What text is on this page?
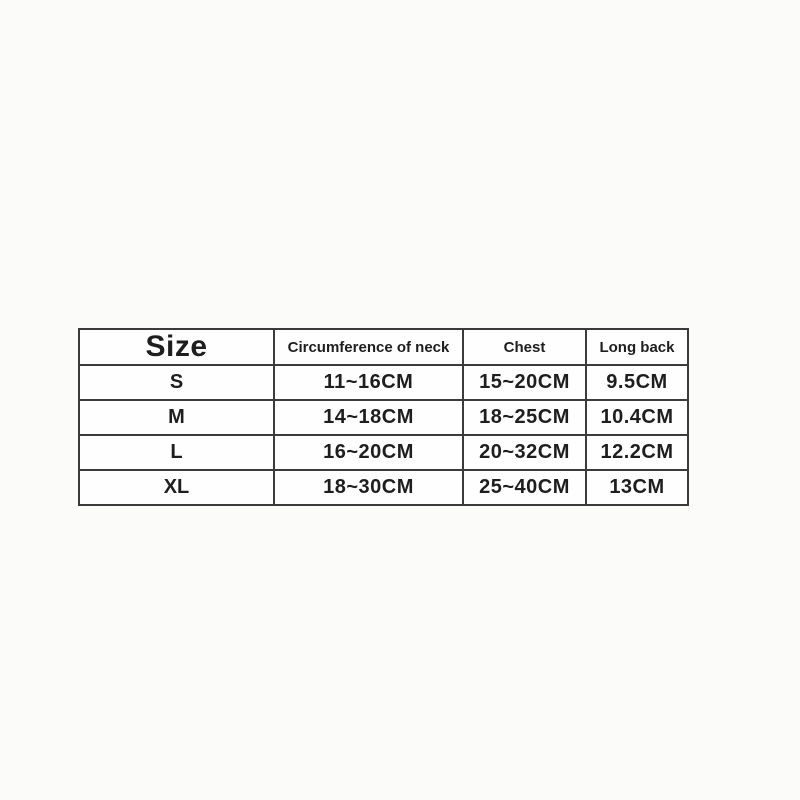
Size	Circumference of neck	Chest	Long back
S	11~16CM	15~20CM	9.5CM
M	14~18CM	18~25CM	10.4CM
L	16~20CM	20~32CM	12.2CM
XL	18~30CM	25~40CM	13CM
